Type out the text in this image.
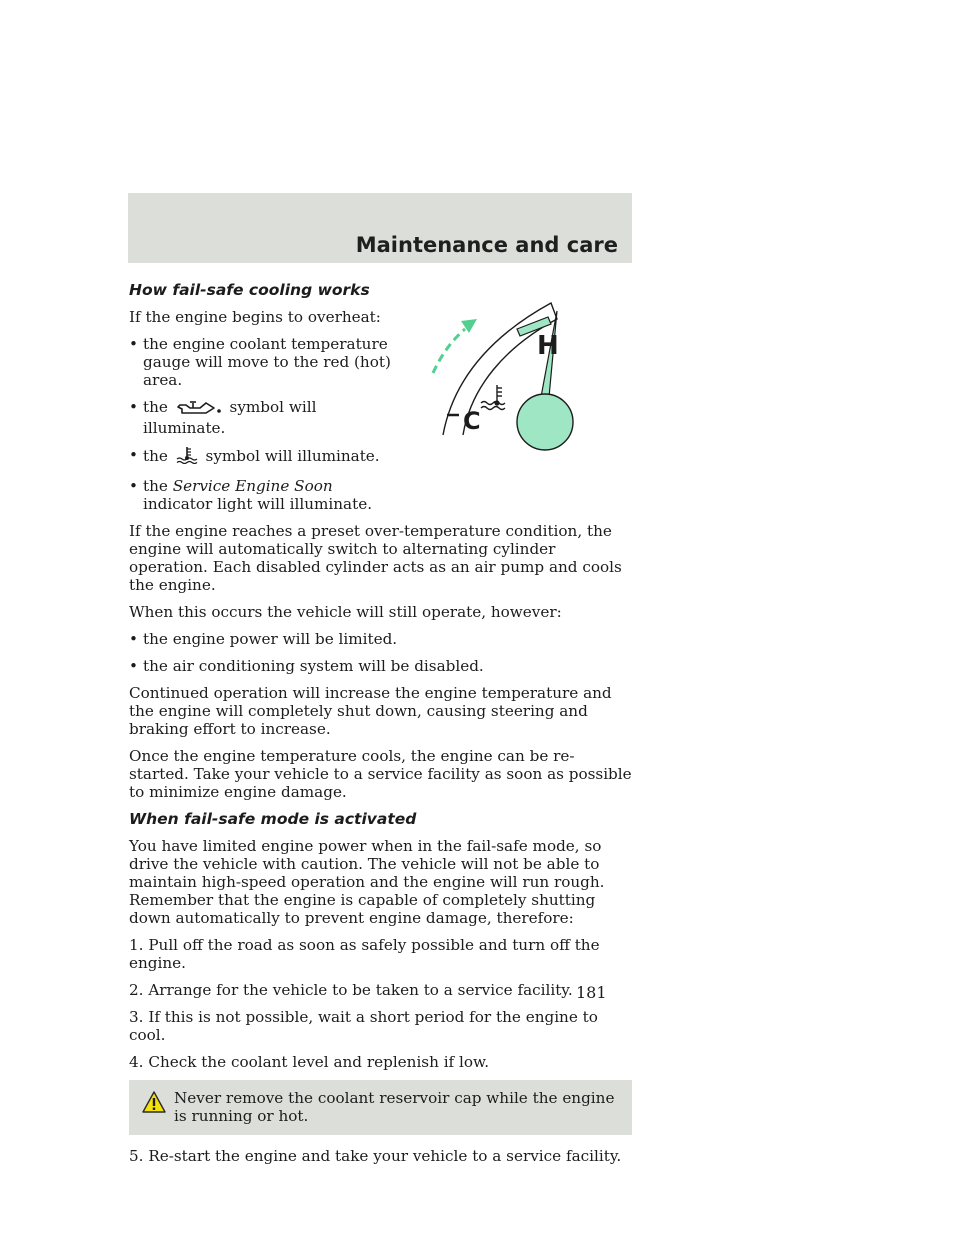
Maintenance and care
How fail-safe cooling works

If the engine begins to overheat:

• the engine coolant temperature gauge will move to the red (hot) area.
• the	symbol will illuminate.
• the symbol will illuminate.
• the Service Engine Soon indicator light will illuminate.

If the engine reaches a preset over-temperature condition, the engine will automatically switch to alternating cylinder operation. Each disabled cylinder acts as an air pump and cools the engine.

When this occurs the vehicle will still operate, however:

• the engine power will be limited.
• the air conditioning system will be disabled.

Continued operation will increase the engine temperature and the engine will completely shut down, causing steering and braking effort to increase.

Once the engine temperature cools, the engine can be re-started. Take your vehicle to a service facility as soon as possible to minimize engine damage.

When fail-safe mode is activated

You have limited engine power when in the fail-safe mode, so drive the vehicle with caution. The vehicle will not be able to maintain high-speed operation and the engine will run rough. Remember that the engine is capable of completely shutting down automatically to prevent engine damage, therefore:

1. Pull off the road as soon as safely possible and turn off the engine.

2. Arrange for the vehicle to be taken to a service facility.

3. If this is not possible, wait a short period for the engine to cool.

4. Check the coolant level and replenish if low.

Never remove the coolant reservoir cap while the engine is running or hot.

5. Re-start the engine and take your vehicle to a service facility.

H
C
181
